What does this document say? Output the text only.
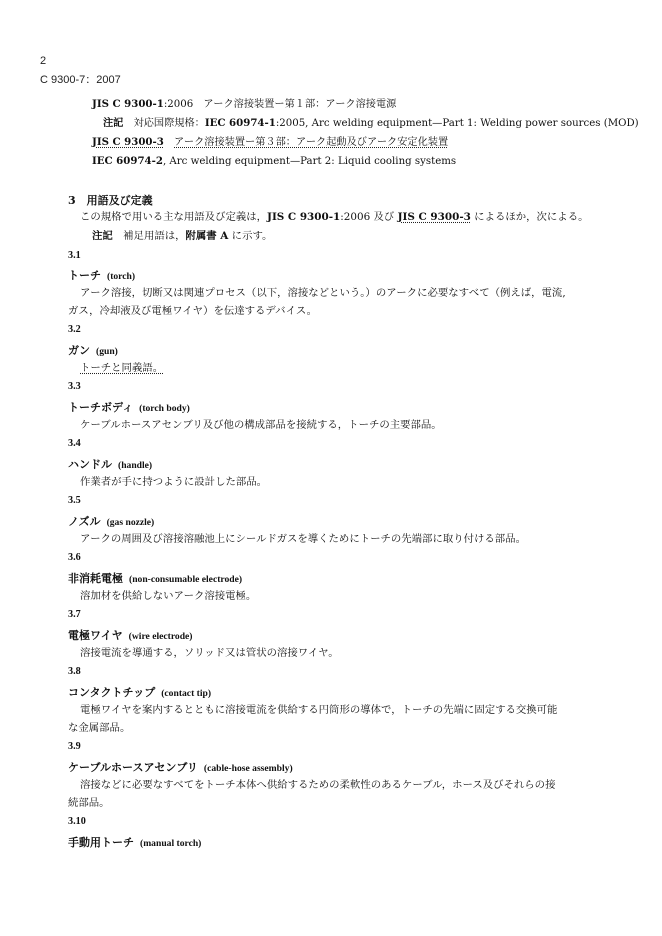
2
C 9300-7：2007
JIS C 9300-1:2006　アーク溶接装置ー第１部：アーク溶接電源
注記　 対応国際規格：IEC 60974-1:2005, Arc welding equipment—Part 1: Welding power sources (MOD)
JIS C 9300-3　 アーク溶接装置ー第３部：アーク起動及びアーク安定化装置
IEC 60974-2, Arc welding equipment—Part 2: Liquid cooling systems
3　 用語及び定義
この規格で用いる主な用語及び定義は，JIS C 9300-1:2006 及び JIS C 9300-3 によるほか，次による。
注記　 補足用語は，附属書 A に示す。
3.1
トーチ (torch)
アーク溶接，切断又は関連プロセス（以下，溶接などという。）のアークに必要なすべて（例えば，電流,
ガス，冷却液及び電極ワイヤ）を伝達するデバイス。
3.2
ガン (gun)
トーチと同義語。
3.3
トーチボディ (torch body)
ケーブルホースアセンブリ及び他の構成部品を接続する，トーチの主要部品。
3.4
ハンドル (handle)
作業者が手に持つように設計した部品。
3.5
ノズル (gas nozzle)
アークの周囲及び溶接溶融池上にシールドガスを導くためにトーチの先端部に取り付ける部品。
3.6
非消耗電極 (non-consumable electrode)
溶加材を供給しないアーク溶接電極。
3.7
電極ワイヤ (wire electrode)
溶接電流を導通する，ソリッド又は管状の溶接ワイヤ。
3.8
コンタクトチップ (contact tip)
電極ワイヤを案内するとともに溶接電流を供給する円筒形の導体で，トーチの先端に固定する交換可能
な金属部品。
3.9
ケーブルホースアセンブリ (cable-hose assembly)
溶接などに必要なすべてをトーチ本体へ供給するための柔軟性のあるケーブル，ホース及びそれらの接
続部品。
3.10
手動用トーチ (manual torch)
